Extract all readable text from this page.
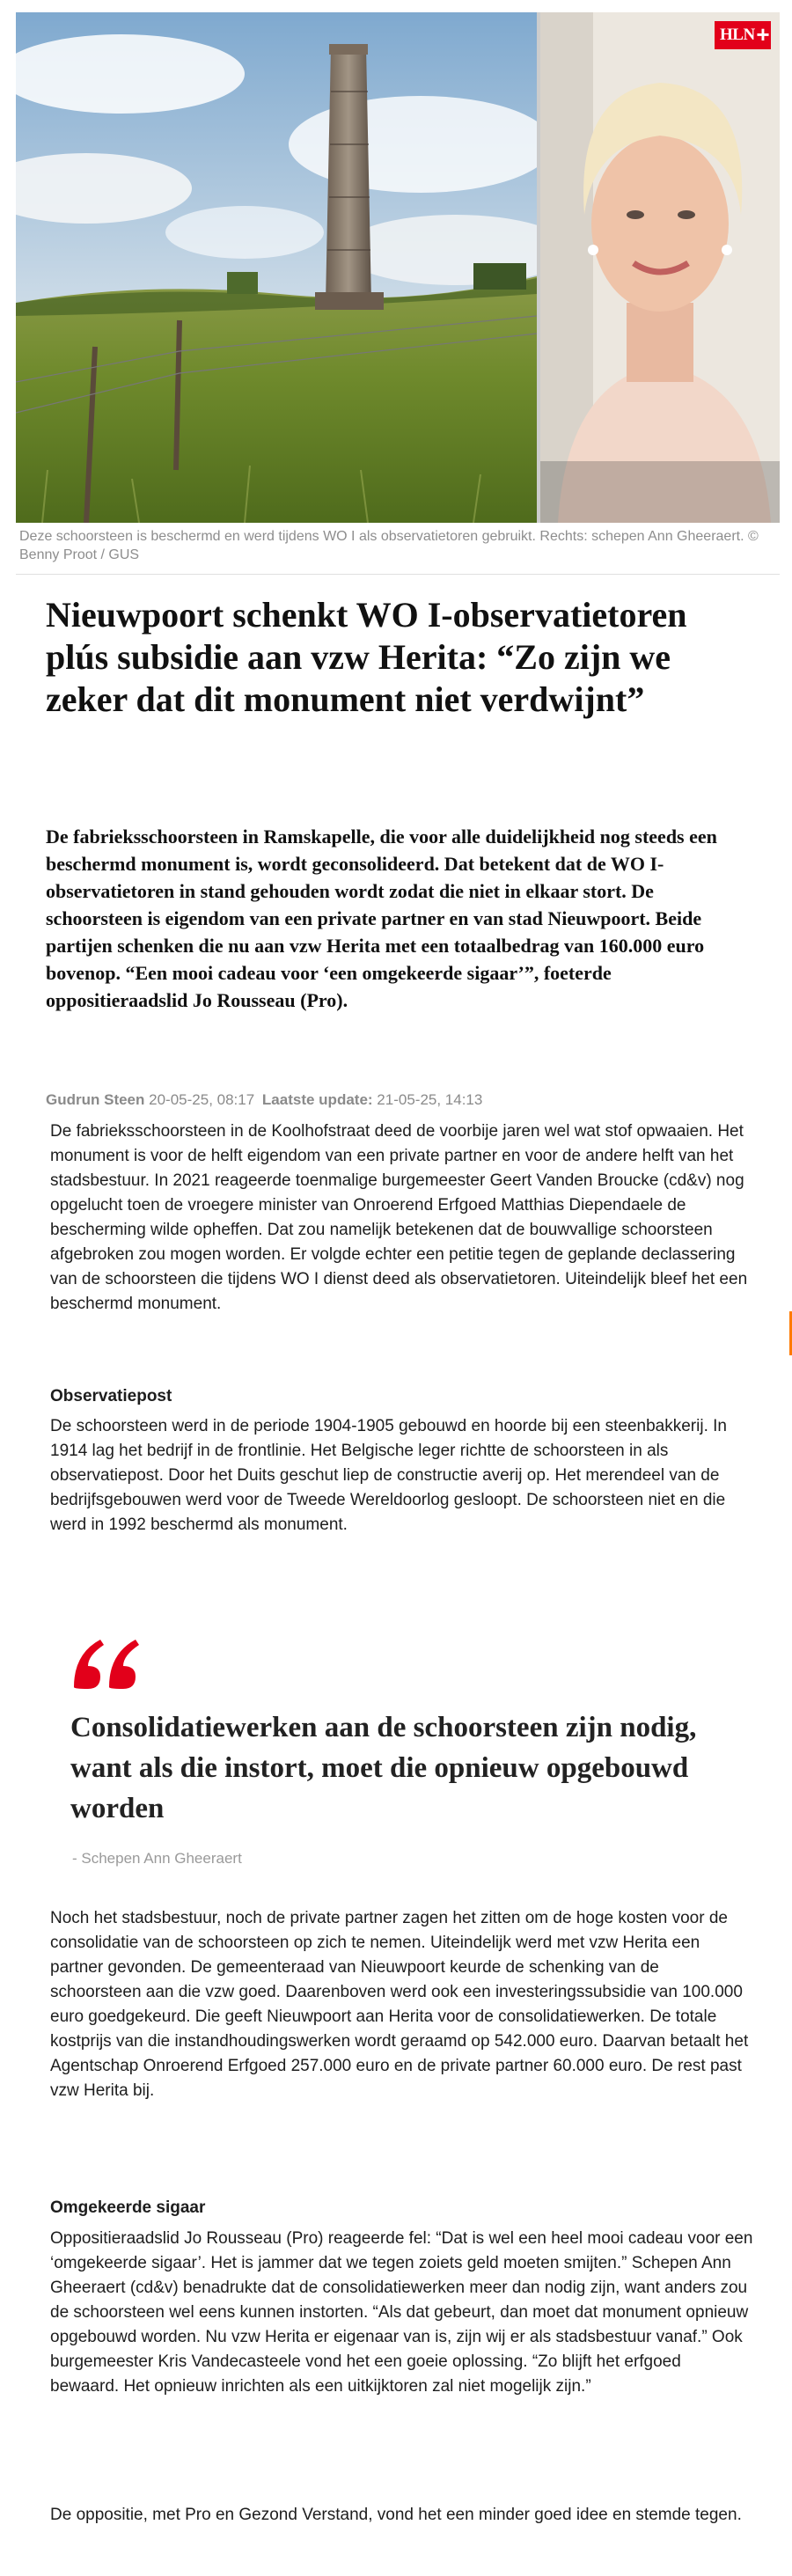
HLN +
Deze schoorsteen is beschermd en werd tijdens WO I als observatietoren gebruikt. Rechts: schepen Ann Gheeraert. © Benny Proot / GUS
Nieuwpoort schenkt WO I-observatietoren plús subsidie aan vzw Herita: “Zo zijn we zeker dat dit monument niet verdwijnt”

De fabrieksschoorsteen in Ramskapelle, die voor alle duidelijkheid nog steeds een beschermd monument is, wordt geconsolideerd. Dat betekent dat de WO I-observatietoren in stand gehouden wordt zodat die niet in elkaar stort. De schoorsteen is eigendom van een private partner en van stad Nieuwpoort. Beide partijen schenken die nu aan vzw Herita met een totaalbedrag van 160.000 euro bovenop. “Een mooi cadeau voor ‘een omgekeerde sigaar’”, foeterde oppositieraadslid Jo Rousseau (Pro).

Gudrun Steen 20-05-25, 08:17 Laatste update: 21-05-25, 14:13

De fabrieksschoorsteen in de Koolhofstraat deed de voorbije jaren wel wat stof opwaaien. Het monument is voor de helft eigendom van een private partner en voor de andere helft van het stadsbestuur. In 2021 reageerde toenmalige burgemeester Geert Vanden Broucke (cd&v) nog opgelucht toen de vroegere minister van Onroerend Erfgoed Matthias Diependaele de bescherming wilde opheffen. Dat zou namelijk betekenen dat de bouwvallige schoorsteen afgebroken zou mogen worden. Er volgde echter een petitie tegen de geplande declassering van de schoorsteen die tijdens WO I dienst deed als observatietoren. Uiteindelijk bleef het een beschermd monument.

Observatiepost

De schoorsteen werd in de periode 1904-1905 gebouwd en hoorde bij een steenbakkerij. In 1914 lag het bedrijf in de frontlinie. Het Belgische leger richtte de schoorsteen in als observatiepost. Door het Duits geschut liep de constructie averij op. Het merendeel van de bedrijfsgebouwen werd voor de Tweede Wereldoorlog gesloopt. De schoorsteen niet en die werd in 1992 beschermd als monument.

Consolidatiewerken aan de schoorsteen zijn nodig, want als die instort, moet die opnieuw opgebouwd worden
- Schepen Ann Gheeraert

Noch het stadsbestuur, noch de private partner zagen het zitten om de hoge kosten voor de consolidatie van de schoorsteen op zich te nemen. Uiteindelijk werd met vzw Herita een partner gevonden. De gemeenteraad van Nieuwpoort keurde de schenking van de schoorsteen aan die vzw goed. Daarenboven werd ook een investeringssubsidie van 100.000 euro goedgekeurd. Die geeft Nieuwpoort aan Herita voor de consolidatiewerken. De totale kostprijs van die instandhoudingswerken wordt geraamd op 542.000 euro. Daarvan betaalt het Agentschap Onroerend Erfgoed 257.000 euro en de private partner 60.000 euro. De rest past vzw Herita bij.

Omgekeerde sigaar

Oppositieraadslid Jo Rousseau (Pro) reageerde fel: “Dat is wel een heel mooi cadeau voor een ‘omgekeerde sigaar’. Het is jammer dat we tegen zoiets geld moeten smijten.” Schepen Ann Gheeraert (cd&v) benadrukte dat de consolidatiewerken meer dan nodig zijn, want anders zou de schoorsteen wel eens kunnen instorten. “Als dat gebeurt, dan moet dat monument opnieuw opgebouwd worden. Nu vzw Herita er eigenaar van is, zijn wij er als stadsbestuur vanaf.” Ook burgemeester Kris Vandecasteele vond het een goeie oplossing. “Zo blijft het erfgoed bewaard. Het opnieuw inrichten als een uitkijktoren zal niet mogelijk zijn.”

De oppositie, met Pro en Gezond Verstand, vond het een minder goed idee en stemde tegen.
